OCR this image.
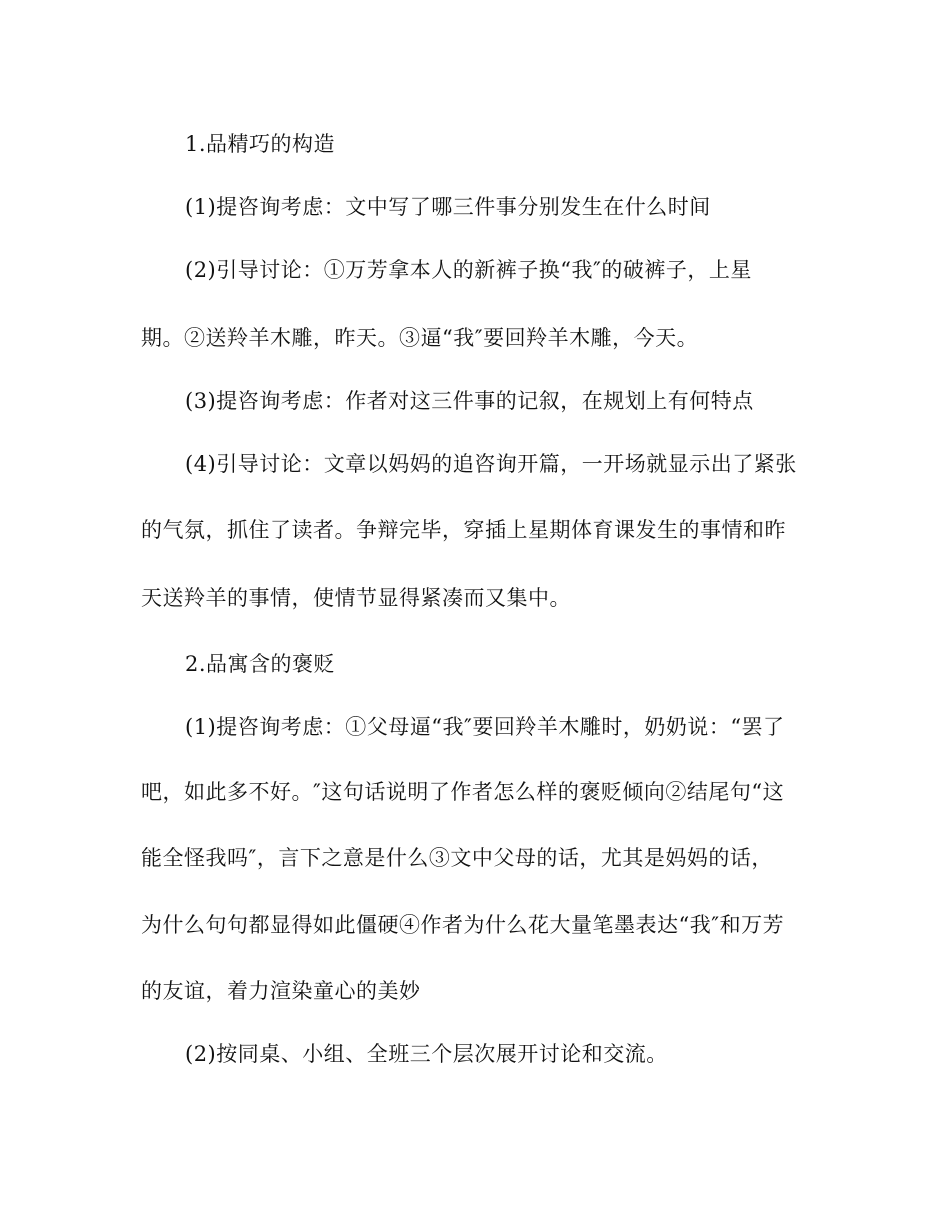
1.品精巧的构造
(1)提咨询考虑：文中写了哪三件事分别发生在什么时间
(2)引导讨论：①万芳拿本人的新裤子换“我″的破裤子，上星
期。②送羚羊木雕，昨天。③逼“我″要回羚羊木雕，今天。
(3)提咨询考虑：作者对这三件事的记叙，在规划上有何特点
(4)引导讨论：文章以妈妈的追咨询开篇，一开场就显示出了紧张
的气氛，抓住了读者。争辩完毕，穿插上星期体育课发生的事情和昨
天送羚羊的事情，使情节显得紧凑而又集中。
2.品寓含的褒贬
(1)提咨询考虑：①父母逼“我″要回羚羊木雕时，奶奶说：“罢了
吧，如此多不好。″这句话说明了作者怎么样的褒贬倾向②结尾句“这
能全怪我吗″，言下之意是什么③文中父母的话，尤其是妈妈的话，
为什么句句都显得如此僵硬④作者为什么花大量笔墨表达“我″和万芳
的友谊，着力渲染童心的美妙
(2)按同桌、小组、全班三个层次展开讨论和交流。
